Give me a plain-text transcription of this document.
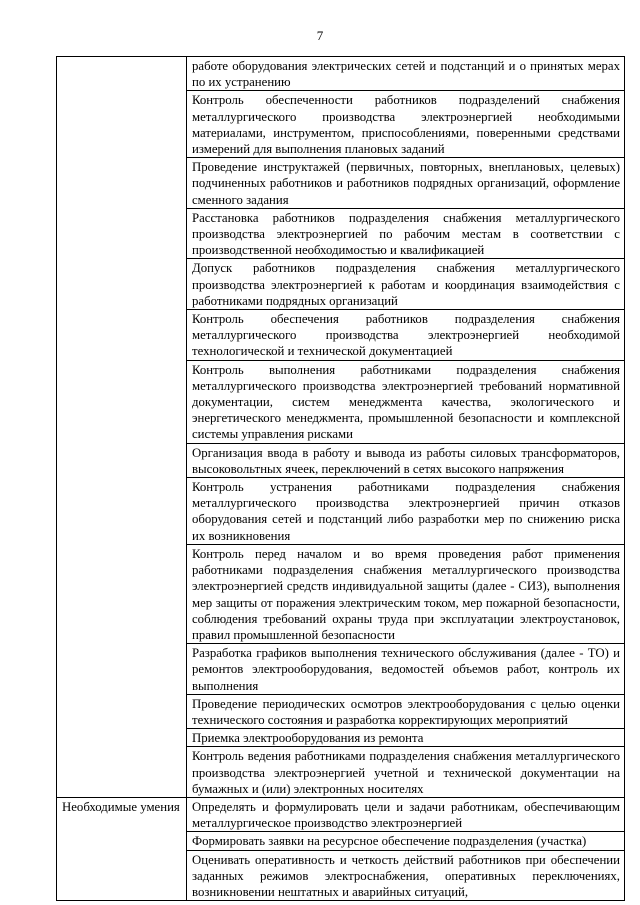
7
	работе оборудования электрических сетей и подстанций и о принятых мерах по их устранению
	Контроль обеспеченности работников подразделений снабжения металлургического производства электроэнергией необходимыми материалами, инструментом, приспособлениями, поверенными средствами измерений для выполнения плановых заданий
	Проведение инструктажей (первичных, повторных, внеплановых, целевых) подчиненных работников и работников подрядных организаций, оформление сменного задания
	Расстановка работников подразделения снабжения металлургического производства электроэнергией по рабочим местам в соответствии с производственной необходимостью и квалификацией
	Допуск работников подразделения снабжения металлургического производства электроэнергией к работам и координация взаимодействия с работниками подрядных организаций
	Контроль обеспечения работников подразделения снабжения металлургического производства электроэнергией необходимой технологической и технической документацией
	Контроль выполнения работниками подразделения снабжения металлургического производства электроэнергией требований нормативной документации, систем менеджмента качества, экологического и энергетического менеджмента, промышленной безопасности и комплексной системы управления рисками
	Организация ввода в работу и вывода из работы силовых трансформаторов, высоковольтных ячеек, переключений в сетях высокого напряжения
	Контроль устранения работниками подразделения снабжения металлургического производства электроэнергией причин отказов оборудования сетей и подстанций либо разработки мер по снижению риска их возникновения
	Контроль перед началом и во время проведения работ применения работниками подразделения снабжения металлургического производства электроэнергией средств индивидуальной защиты (далее - СИЗ), выполнения мер защиты от поражения электрическим током, мер пожарной безопасности, соблюдения требований охраны труда при эксплуатации электроустановок, правил промышленной безопасности
	Разработка графиков выполнения технического обслуживания (далее - ТО) и ремонтов электрооборудования, ведомостей объемов работ, контроль их выполнения
	Проведение периодических осмотров электрооборудования с целью оценки технического состояния и разработка корректирующих мероприятий
	Приемка электрооборудования из ремонта
	Контроль ведения работниками подразделения снабжения металлургического производства электроэнергией учетной и технической документации на бумажных и (или) электронных носителях
Необходимые умения	Определять и формулировать цели и задачи работникам, обеспечивающим металлургическое производство электроэнергией
	Формировать заявки на ресурсное обеспечение подразделения (участка)
	Оценивать оперативность и четкость действий работников при обеспечении заданных режимов электроснабжения, оперативных переключениях, возникновении нештатных и аварийных ситуаций,
